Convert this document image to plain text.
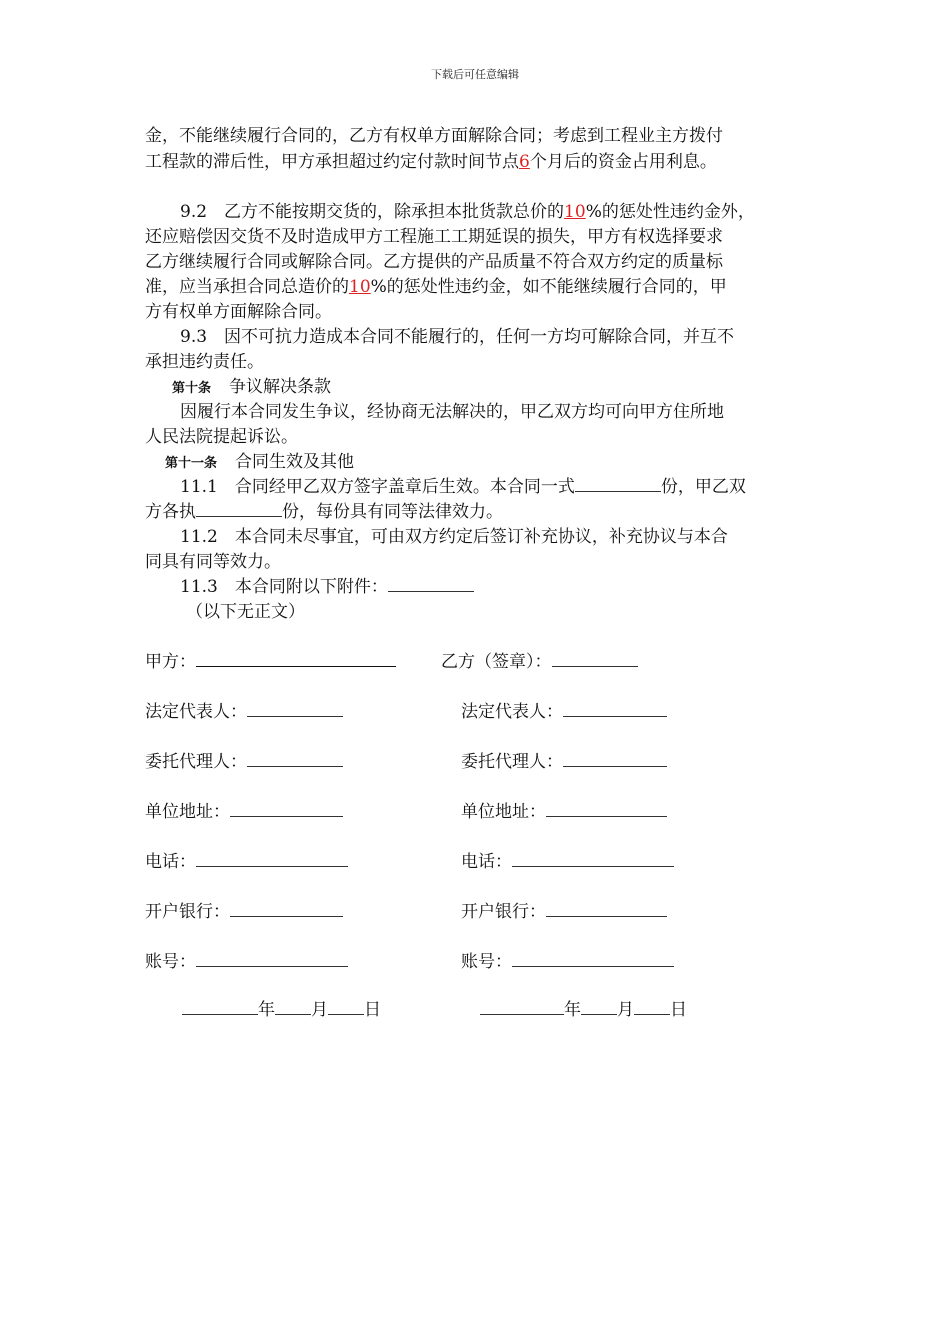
下载后可任意编辑
金，不能继续履行合同的，乙方有权单方面解除合同；考虑到工程业主方拨付
工程款的滞后性，甲方承担超过约定付款时间节点6个月后的资金占用利息。
9.2　乙方不能按期交货的，除承担本批货款总价的10%的惩处性违约金外，
还应赔偿因交货不及时造成甲方工程施工工期延误的损失，甲方有权选择要求
乙方继续履行合同或解除合同。乙方提供的产品质量不符合双方约定的质量标
准，应当承担合同总造价的10%的惩处性违约金，如不能继续履行合同的，甲
方有权单方面解除合同。
9.3　因不可抗力造成本合同不能履行的，任何一方均可解除合同，并互不
承担违约责任。
第十条 争议解决条款
因履行本合同发生争议，经协商无法解决的，甲乙双方均可向甲方住所地
人民法院提起诉讼。
第十一条 合同生效及其他
11.1　合同经甲乙双方签字盖章后生效。本合同一式	份，甲乙双
方各执	份，每份具有同等法律效力。
11.2　本合同未尽事宜，可由双方约定后签订补充协议，补充协议与本合
同具有同等效力。
11.3　本合同附以下附件：
（以下无正文）
甲方：	乙方（签章）：
法定代表人：	法定代表人：
委托代理人：	委托代理人：
单位地址：	单位地址：
电话：	电话：
开户银行：	开户银行：
账号：	账号：
年 月 日	年 月 日
